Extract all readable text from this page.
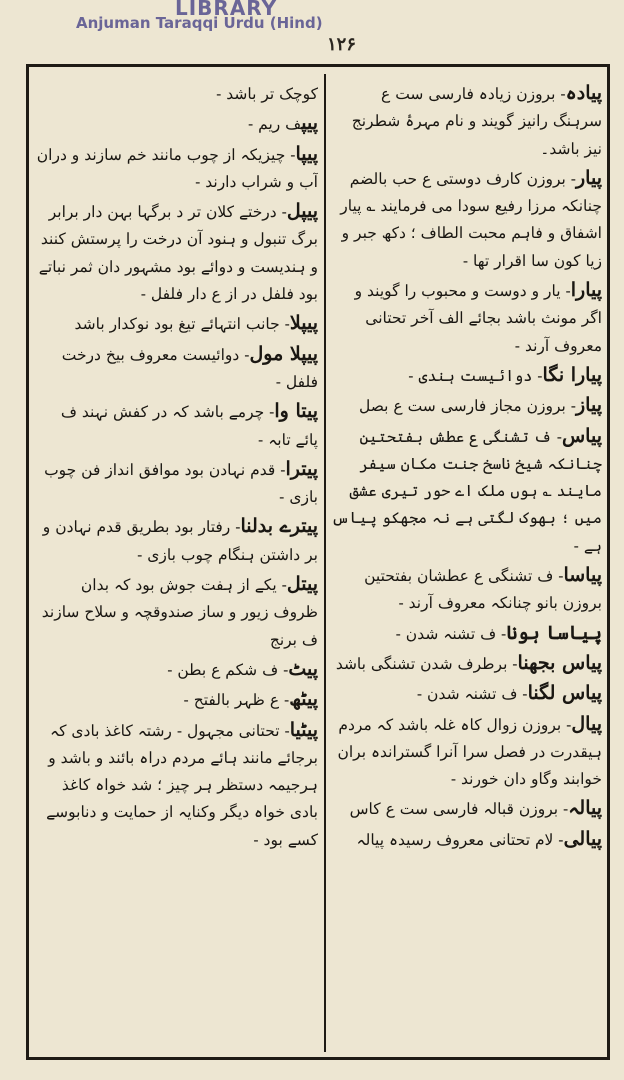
LIBRARY
Anjuman Taraqqi Urdu (Hind)
۱۲۶

پیادہ- بروزن زیادہ فارسی ست ع سرہنگ رانیز گویند و نام مہرۂ شطرنج نیز باشد۔

پیار- بروزن کارف دوستی ع حب بالضم چنانکہ مرزا رفیع سودا می فرمایند ؎ پیار اشفاق و فاہم محبت الطاف ؛ دکھ جبر و زیا کون سا اقرار تھا -

پیارا- یار و دوست و محبوب را گویند و اگر مونث باشد بجائے الف آخر تحتانی معروف آرند -

پیارا نگا- دوائیست ہندی -

پیاز- بروزن مجاز فارسی ست ع بصل

پیاس- ف تشنگی ع عطش بفتحتین چنانکہ شیخ ناسخ جنت مکان سیفر مایند ؎ ہوں ملک اے حور تیری عشق میں ؛ بھوک لگتی ہے نہ مجھکو پیاس ہے -

پیاسا- ف تشنگی ع عطشان بفتحتین بروزن بانو چنانکہ معروف آرند -

پیاسا ہونا- ف تشنہ شدن -

پیاس بجھنا- برطرف شدن تشنگی باشد

پیاس لگنا- ف تشنہ شدن -

پیال- بروزن زوال کاہ غلہ باشد کہ مردم ہیقدرت در فصل سرا آنرا گستراندہ بران خوابند وگاو دان خورند -

پیالہ- بروزن قبالہ فارسی ست ع کاس

پیالی- لام تحتانی معروف رسیدہ پیالہ

کوچک تر باشد -

پیپف ریم -

پیپا- چیزیکہ از چوب مانند خم سازند و دران آب و شراب دارند -

پیپل- درختے کلان تر د برگہا بہن دار برابر برگ تنبول و ہنود آن درخت را پرستش کنند و ہندیست و دوائے بود مشہور دان ثمر نباتے بود فلفل در از ع دار فلفل -

پیپلا- جانب انتہائے تیغ بود نوکدار باشد

پیپلا مول- دوائیست معروف بیخ درخت فلفل -

پیتا وا- چرمے باشد کہ در کفش نہند ف پائے تابہ -

پیترا- قدم نہادن بود موافق انداز فن چوب بازی -

پیترے بدلنا- رفتار بود بطریق قدم نہادن و بر داشتن ہنگام چوب بازی -

پیتل- یکے از ہفت جوش بود کہ بدان ظروف زیور و ساز صندوقچہ و سلاح سازند ف برنج

پیٹ- ف شکم ع بطن -

پیٹھ- ع ظہر بالفتح -

پیٹیا- تحتانی مجہول - رشتہ کاغذ بادی کہ برجائے مانند ہائے مردم دراہ بائند و باشد و ہرجیمہ دستظر ہر چیز ؛ شد خواہ کاغذ بادی خواہ دیگر وکنایہ از حمایت و دنابوسے کسے بود -
